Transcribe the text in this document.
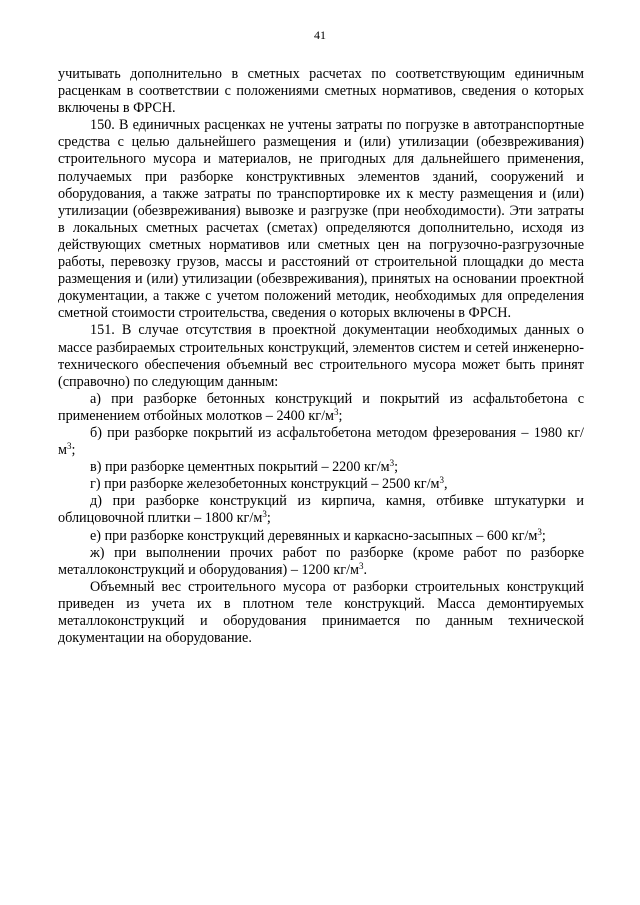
41

учитывать дополнительно в сметных расчетах по соответствующим единичным расценкам в соответствии с положениями сметных нормативов, сведения о которых включены в ФРСН.

150. В единичных расценках не учтены затраты по погрузке в автотранспортные средства с целью дальнейшего размещения и (или) утилизации (обезвреживания) строительного мусора и материалов, не пригодных для дальнейшего применения, получаемых при разборке конструктивных элементов зданий, сооружений и оборудования, а также затраты по транспортировке их к месту размещения и (или) утилизации (обезвреживания) вывозке и разгрузке (при необходимости). Эти затраты в локальных сметных расчетах (сметах) определяются дополнительно, исходя из действующих сметных нормативов или сметных цен на погрузочно-разгрузочные работы, перевозку грузов, массы и расстояний от строительной площадки до места размещения и (или) утилизации (обезвреживания), принятых на основании проектной документации, а также с учетом положений методик, необходимых для определения сметной стоимости строительства, сведения о которых включены в ФРСН.

151. В случае отсутствия в проектной документации необходимых данных о массе разбираемых строительных конструкций, элементов систем и сетей инженерно-технического обеспечения объемный вес строительного мусора может быть принят (справочно) по следующим данным:

а) при разборке бетонных конструкций и покрытий из асфальтобетона с применением отбойных молотков – 2400 $кг/м^3$;

б) при разборке покрытий из асфальтобетона методом фрезерования – 1980 $кг/м^3$;

в) при разборке цементных покрытий – 2200 $кг/м^3$;

г) при разборке железобетонных конструкций – 2500 $кг/м^3$,

д) при разборке конструкций из кирпича, камня, отбивке штукатурки и облицовочной плитки – 1800 $кг/м^3$;

е) при разборке конструкций деревянных и каркасно-засыпных – 600 $кг/м^3$;

ж) при выполнении прочих работ по разборке (кроме работ по разборке металлоконструкций и оборудования) – 1200 $кг/м^3$.

Объемный вес строительного мусора от разборки строительных конструкций приведен из учета их в плотном теле конструкций. Масса демонтируемых металлоконструкций и оборудования принимается по данным технической документации на оборудование.
